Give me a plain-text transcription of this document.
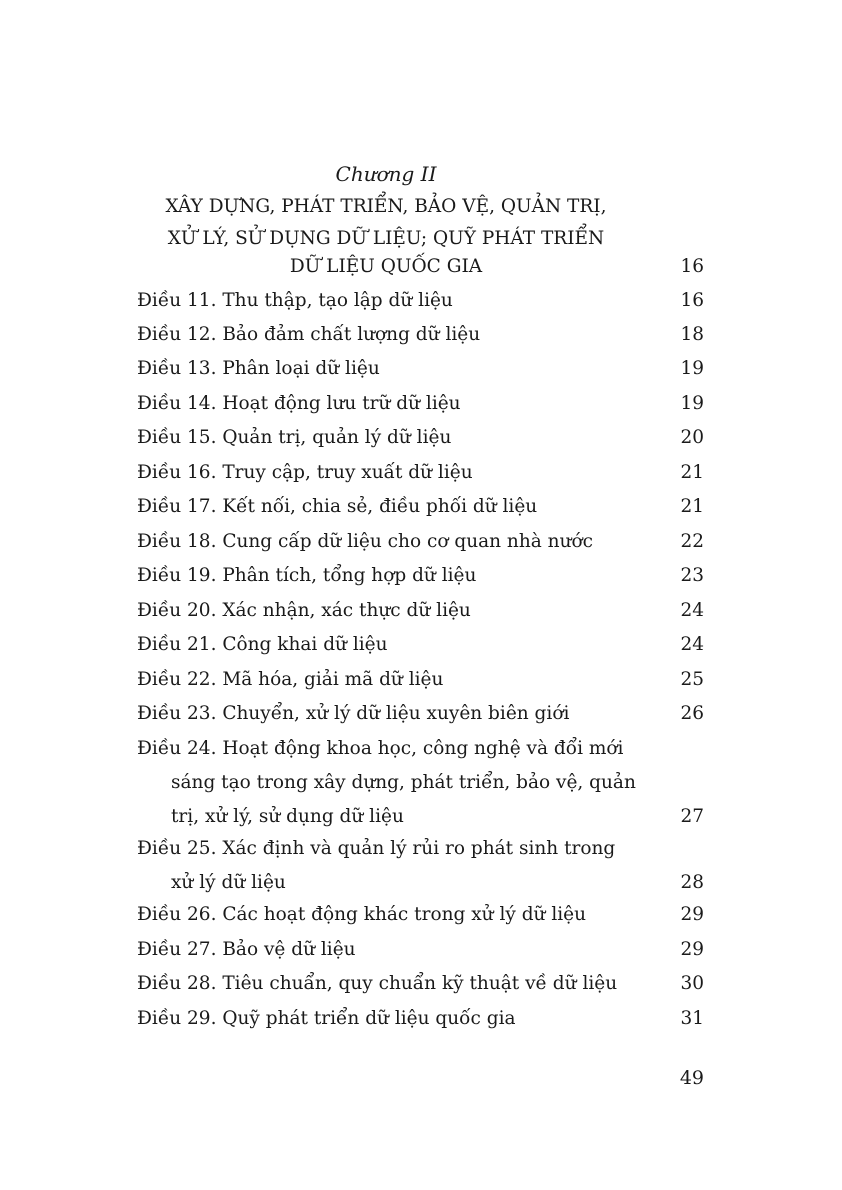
Chương II
XÂY DỰNG, PHÁT TRIỂN, BẢO VỆ, QUẢN TRỊ,
XỬ LÝ, SỬ DỤNG DỮ LIỆU; QUỸ PHÁT TRIỂN
DỮ LIỆU QUỐC GIA	16
Điều 11. Thu thập, tạo lập dữ liệu	16
Điều 12. Bảo đảm chất lượng dữ liệu	18
Điều 13. Phân loại dữ liệu	19
Điều 14. Hoạt động lưu trữ dữ liệu	19
Điều 15. Quản trị, quản lý dữ liệu	20
Điều 16. Truy cập, truy xuất dữ liệu	21
Điều 17. Kết nối, chia sẻ, điều phối dữ liệu	21
Điều 18. Cung cấp dữ liệu cho cơ quan nhà nước	22
Điều 19. Phân tích, tổng hợp dữ liệu	23
Điều 20. Xác nhận, xác thực dữ liệu	24
Điều 21. Công khai dữ liệu	24
Điều 22. Mã hóa, giải mã dữ liệu	25
Điều 23. Chuyển, xử lý dữ liệu xuyên biên giới	26
Điều 24. Hoạt động khoa học, công nghệ và đổi mới
sáng tạo trong xây dựng, phát triển, bảo vệ, quản
trị, xử lý, sử dụng dữ liệu	27
Điều 25. Xác định và quản lý rủi ro phát sinh trong
xử lý dữ liệu	28
Điều 26. Các hoạt động khác trong xử lý dữ liệu	29
Điều 27. Bảo vệ dữ liệu	29
Điều 28. Tiêu chuẩn, quy chuẩn kỹ thuật về dữ liệu	30
Điều 29. Quỹ phát triển dữ liệu quốc gia	31
49
